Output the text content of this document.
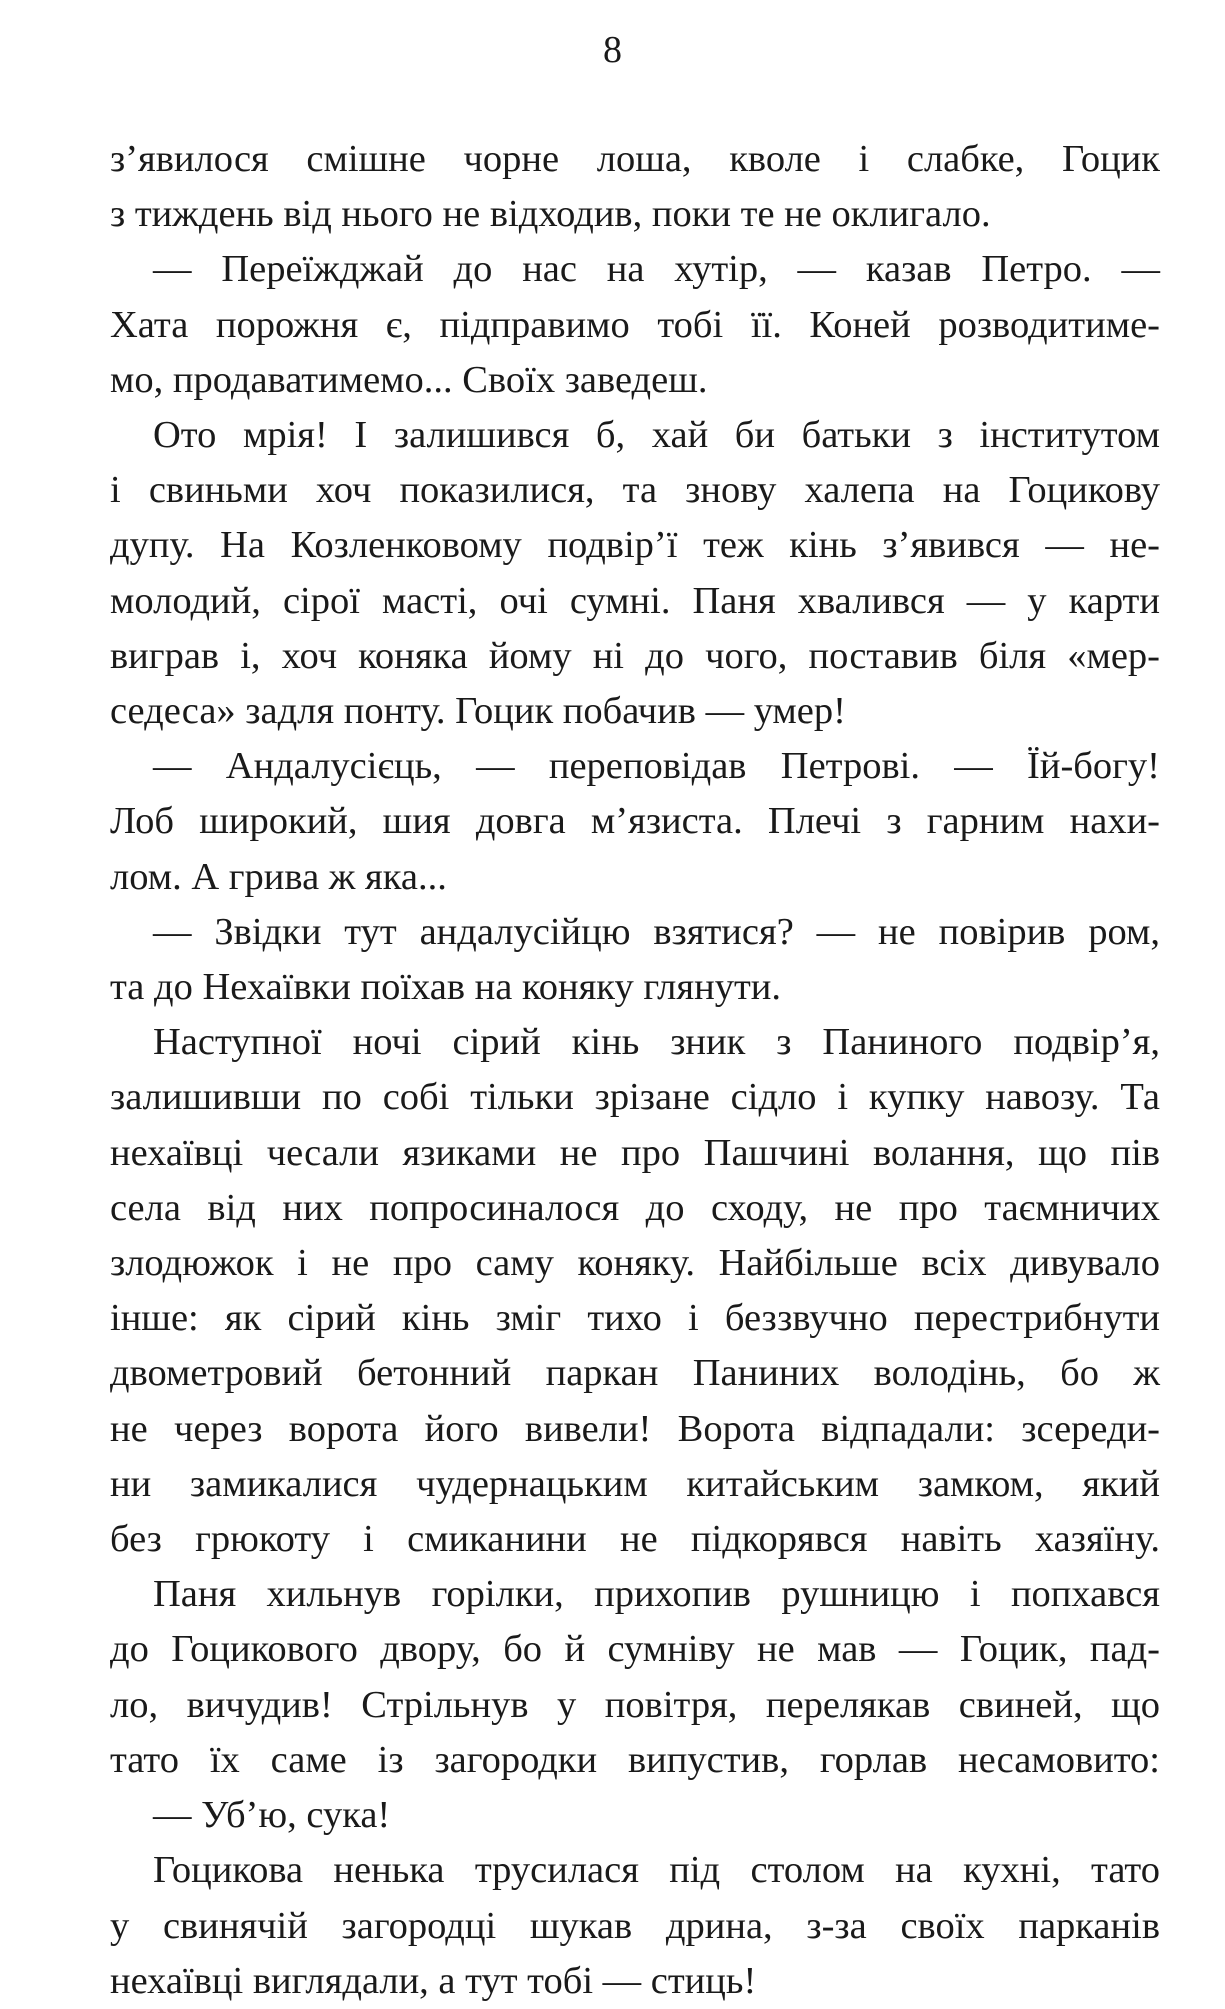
8
з’явилося смішне чорне лоша, кволе і слабке, Гоцик
з тиждень від нього не відходив, поки те не оклигало.
— Переїжджай до нас на хутір, — казав Петро. —
Хата порожня є, підправимо тобі її. Коней розводитиме-
мо, продаватимемо... Своїх заведеш.
Ото мрія! І залишився б, хай би батьки з інститутом
і свиньми хоч показилися, та знову халепа на Гоцикову
дупу. На Козленковому подвір’ї теж кінь з’явився — не-
молодий, сірої масті, очі сумні. Паня хвалився — у карти
виграв і, хоч коняка йому ні до чого, поставив біля «мер-
седеса» задля понту. Гоцик побачив — умер!
— Андалусієць, — переповідав Петрові. — Їй-богу!
Лоб широкий, шия довга м’язиста. Плечі з гарним нахи-
лом. А грива ж яка...
— Звідки тут андалусійцю взятися? — не повірив ром,
та до Нехаївки поїхав на коняку глянути.
Наступної ночі сірий кінь зник з Паниного подвір’я,
залишивши по собі тільки зрізане сідло і купку навозу. Та
нехаївці чесали язиками не про Пашчині волання, що пів
села від них попросиналося до сходу, не про таємничих
злодюжок і не про саму коняку. Найбільше всіх дивувало
інше: як сірий кінь зміг тихо і беззвучно перестрибнути
двометровий бетонний паркан Паниних володінь, бо ж
не через ворота його вивели! Ворота відпадали: зсереди-
ни замикалися чудернацьким китайським замком, який
без грюкоту і смиканини не підкорявся навіть хазяїну.
Паня хильнув горілки, прихопив рушницю і попхався
до Гоцикового двору, бо й сумніву не мав — Гоцик, пад-
ло, вичудив! Стрільнув у повітря, перелякав свиней, що
тато їх саме із загородки випустив, горлав несамовито:
— Уб’ю, сука!
Гоцикова ненька трусилася під столом на кухні, тато
у свинячій загородці шукав дрина, з-за своїх парканів
нехаївці виглядали, а тут тобі — стиць!
